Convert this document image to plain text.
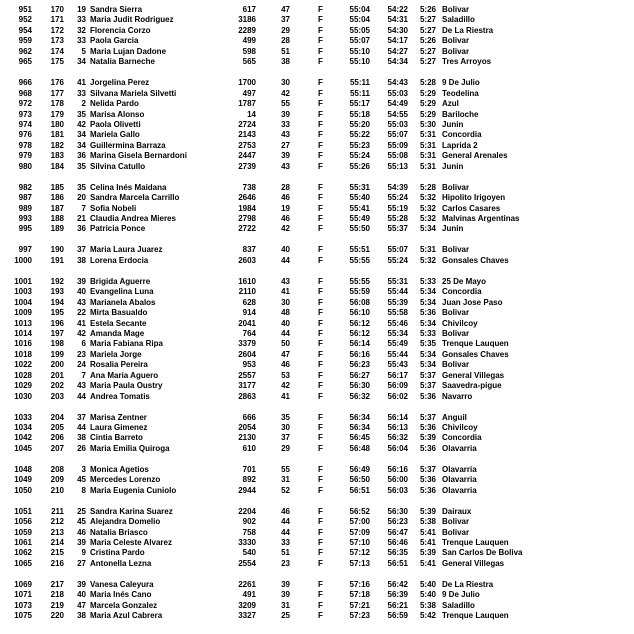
951	170	19 Sandra Sierra	617	47	F	55:04	54:22	5:26 Bolivar
952	171	33 Maria Judit Rodriguez	3186	37	F	55:04	54:31	5:27 Saladillo
954	172	32 Florencia Corzo	2289	29	F	55:05	54:30	5:27 De La Riestra
959	173	33 Paola Garcia	499	28	F	55:07	54:17	5:26 Bolivar
962	174	5 Maria Lujan Dadone	598	51	F	55:10	54:27	5:27 Bolivar
965	175	34 Natalia Barneche	565	38	F	55:10	54:34	5:27 Tres Arroyos
966	176	41 Jorgelina Perez	1700	30	F	55:11	54:43	5:28 9 De Julio
968	177	33 Silvana Mariela Silvetti	497	42	F	55:11	55:03	5:29 Teodelina
972	178	2 Nelida Pardo	1787	55	F	55:17	54:49	5:29 Azul
973	179	35 Marisa Alonso	14	39	F	55:18	54:55	5:29 Bariloche
974	180	42 Paola Olivetti	2724	33	F	55:20	55:03	5:30 Junin
976	181	34 Mariela Gallo	2143	43	F	55:22	55:07	5:31 Concordia
978	182	34 Guillermina Barraza	2753	27	F	55:23	55:09	5:31 Laprida 2
979	183	36 Marina Gisela Bernardoni	2447	39	F	55:24	55:08	5:31 General Arenales
980	184	35 Silvina Catullo	2739	43	F	55:26	55:13	5:31 Junin
982	185	35 Celina Inés Maidana	738	28	F	55:31	54:39	5:28 Bolivar
987	186	20 Sandra Marcela Carrillo	2646	46	F	55:40	55:24	5:32 Hipolito Irigoyen
989	187	7 Sofia Nobeli	1984	19	F	55:41	55:19	5:32 Carlos Casares
993	188	21 Claudia Andrea Mieres	2798	46	F	55:49	55:28	5:32 Malvinas Argentinas
995	189	36 Patricia Ponce	2722	42	F	55:50	55:37	5:34 Junin
997	190	37 Maria Laura Juarez	837	40	F	55:51	55:07	5:31 Bolivar
1000	191	38 Lorena Erdocia	2603	44	F	55:55	55:24	5:32 Gonsales Chaves
1001	192	39 Brigida Aguerre	1610	43	F	55:55	55:31	5:33 25 De Mayo
1003	193	40 Evangelina Luna	2110	41	F	55:59	55:44	5:34 Concordia
1004	194	43 Marianela Abalos	628	30	F	56:08	55:39	5:34 Juan Jose Paso
1009	195	22 Mirta Basualdo	914	48	F	56:10	55:58	5:36 Bolivar
1013	196	41 Estela Secante	2041	40	F	56:12	55:46	5:34 Chivilcoy
1014	197	42 Amanda Mage	764	44	F	56:12	55:34	5:33 Bolivar
1016	198	6 Maria Fabiana Ripa	3379	50	F	56:14	55:49	5:35 Trenque Lauquen
1018	199	23 Mariela Jorge	2604	47	F	56:16	55:44	5:34 Gonsales Chaves
1022	200	24 Rosalia Pereira	953	46	F	56:23	55:43	5:34 Bolivar
1028	201	7 Ana Maria Aguero	2557	53	F	56:27	56:17	5:37 General Villegas
1029	202	43 Maria Paula Oustry	3177	42	F	56:30	56:09	5:37 Saavedra-pigue
1030	203	44 Andrea Tomatis	2863	41	F	56:32	56:02	5:36 Navarro
1033	204	37 Marisa Zentner	666	35	F	56:34	56:14	5:37 Anguil
1034	205	44 Laura Gimenez	2054	30	F	56:34	56:13	5:36 Chivilcoy
1042	206	38 Cintia Barreto	2130	37	F	56:45	56:32	5:39 Concordia
1045	207	26 Maria Emilia Quiroga	610	29	F	56:48	56:04	5:36 Olavarria
1048	208	3 Monica Agetios	701	55	F	56:49	56:16	5:37 Olavarria
1049	209	45 Mercedes Lorenzo	892	31	F	56:50	56:00	5:36 Olavarria
1050	210	8 Maria Eugenia Cuniolo	2944	52	F	56:51	56:03	5:36 Olavarria
1051	211	25 Sandra Karina Suarez	2204	46	F	56:52	56:30	5:39 Dairaux
1056	212	45 Alejandra Domelio	902	44	F	57:00	56:23	5:38 Bolivar
1059	213	46 Natalia Briasco	758	44	F	57:09	56:47	5:41 Bolivar
1061	214	39 Maria Celeste Alvarez	3330	33	F	57:10	56:46	5:41 Trenque Lauquen
1062	215	9 Cristina Pardo	540	51	F	57:12	56:35	5:39 San Carlos De Boliva
1065	216	27 Antonella Lezna	2554	23	F	57:13	56:51	5:41 General Villegas
1069	217	39 Vanesa Caleyura	2261	39	F	57:16	56:42	5:40 De La Riestra
1071	218	40 Maria Inés Cano	491	39	F	57:18	56:39	5:40 9 De Julio
1073	219	47 Marcela Gonzalez	3209	31	F	57:21	56:21	5:38 Saladillo
1075	220	38 Maria Azul Cabrera	3327	25	F	57:23	56:59	5:42 Trenque Lauquen
